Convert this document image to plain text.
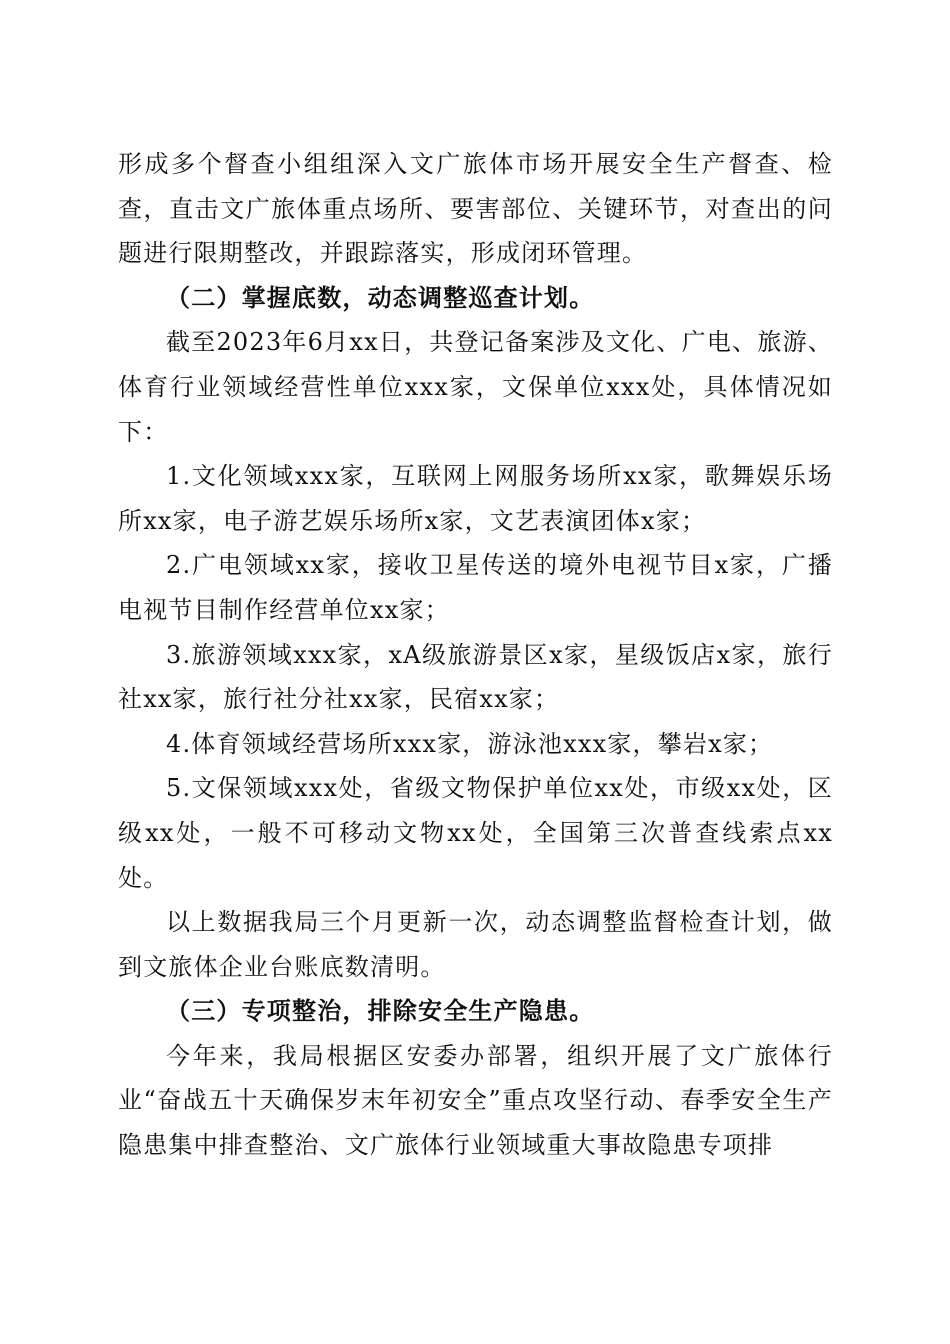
形成多个督查小组组深入文广旅体市场开展安全生产督查、检查，直击文广旅体重点场所、要害部位、关键环节，对查出的问题进行限期整改，并跟踪落实，形成闭环管理。

（二）掌握底数，动态调整巡查计划。

截至2023年6月xx日，共登记备案涉及文化、广电、旅游、体育行业领域经营性单位xxx家，文保单位xxx处，具体情况如下：

1.文化领域xxx家，互联网上网服务场所xx家，歌舞娱乐场所xx家，电子游艺娱乐场所x家，文艺表演团体x家；

2.广电领域xx家，接收卫星传送的境外电视节目x家，广播电视节目制作经营单位xx家；

3.旅游领域xxx家，xA级旅游景区x家，星级饭店x家，旅行社xx家，旅行社分社xx家，民宿xx家；

4.体育领域经营场所xxx家，游泳池xxx家，攀岩x家；

5.文保领域xxx处，省级文物保护单位xx处，市级xx处，区级xx处，一般不可移动文物xx处，全国第三次普查线索点xx处。

以上数据我局三个月更新一次，动态调整监督检查计划，做到文旅体企业台账底数清明。

（三）专项整治，排除安全生产隐患。

今年来，我局根据区安委办部署，组织开展了文广旅体行业“奋战五十天确保岁末年初安全”重点攻坚行动、春季安全生产隐患集中排查整治、文广旅体行业领域重大事故隐患专项排
